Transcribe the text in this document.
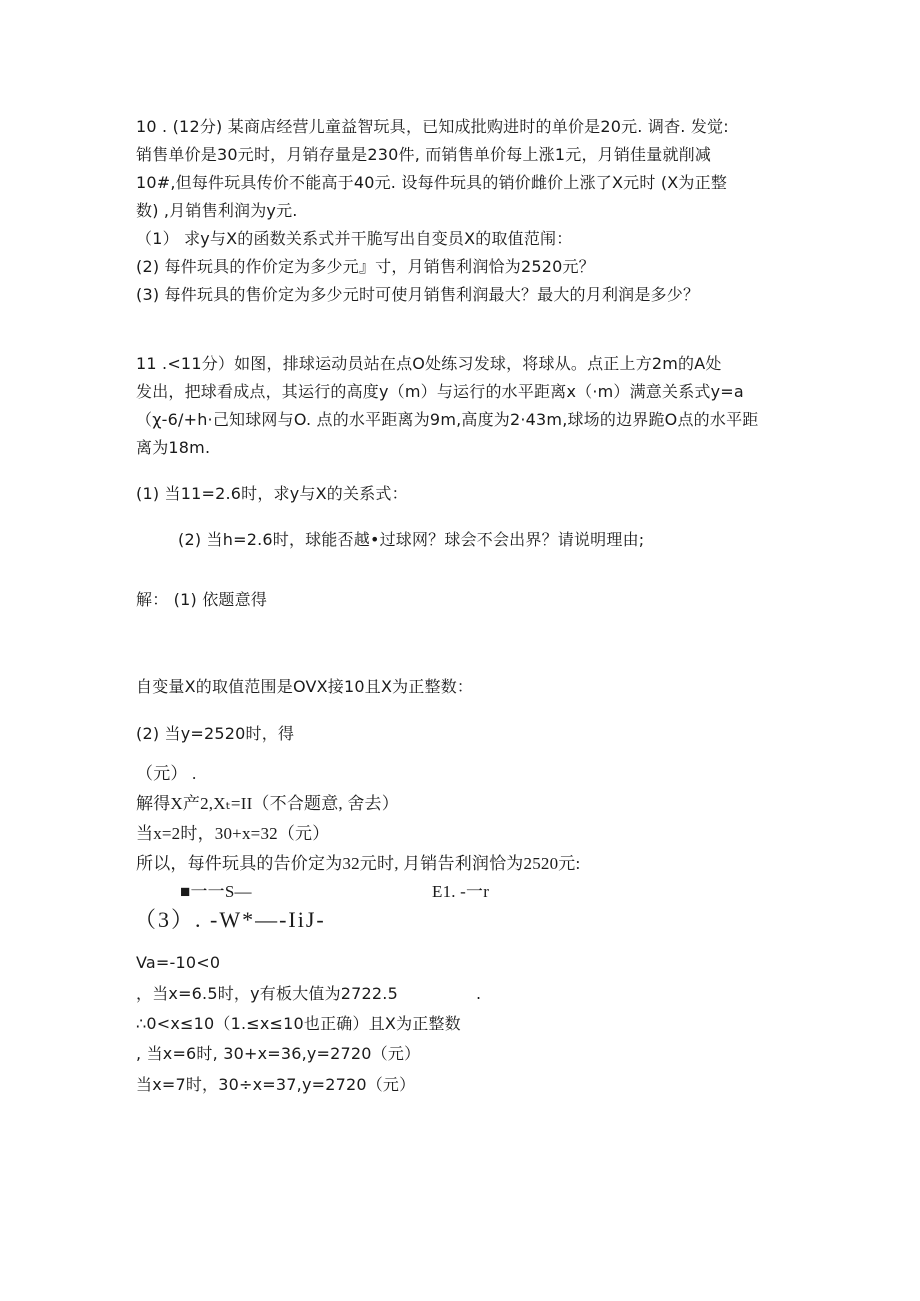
10 . (12分) 某商店经营儿童益智玩具，已知成批购进时的单价是20元. 调杳. 发觉:
销售单价是30元时，月销存量是230件, 而销售单价每上涨1元，月销佳量就削减
10#,但每件玩具传价不能高于40元. 设每件玩具的销价雌价上涨了X元时 (X为正整
数) ,月销售利润为y元.
（1） 求y与X的函数关系式并干脆写出自变员X的取值范闱：
(2) 每件玩具的作价定为多少元』寸，月销售利润恰为2520元？
(3) 每件玩具的售价定为多少元时可使月销售利润最大？最大的月利润是多少？
11 .<11分）如图，排球运动员站在点O处练习发球，将球从。点正上方2m的A处
发出，把球看成点，其运行的高度y（m）与运行的水平距离x（·m）满意关系式y=a
（χ-6/+h·己知球网与O. 点的水平距离为9m,高度为2·43m,球场的边界跪O点的水平距
离为18m.
(1) 当11=2.6时，求y与X的关系式：
(2) 当h=2.6时，球能否越•过球网？球会不会出界？请说明理由;
解： (1) 依题意得
自变量X的取值范围是OVX接10且X为正整数：
(2) 当y=2520时，得
（元） .
解得X产2,Xₜ=II（不合题意, 舍去）
当x=2时，30+x=32（元）
所以，每件玩具的告价定为32元时, 月销告利润恰为2520元:
■一一S—	E1. -一r
（3）. -W*—-IiJ-
Va=-10<0
，当x=6.5时，y有板大值为2722.5	.
∴0<x≤10（1.≤x≤10也正确）且X为正整数
, 当x=6时, 30+x=36,y=2720（元）
当x=7时，30÷x=37,y=2720（元）
